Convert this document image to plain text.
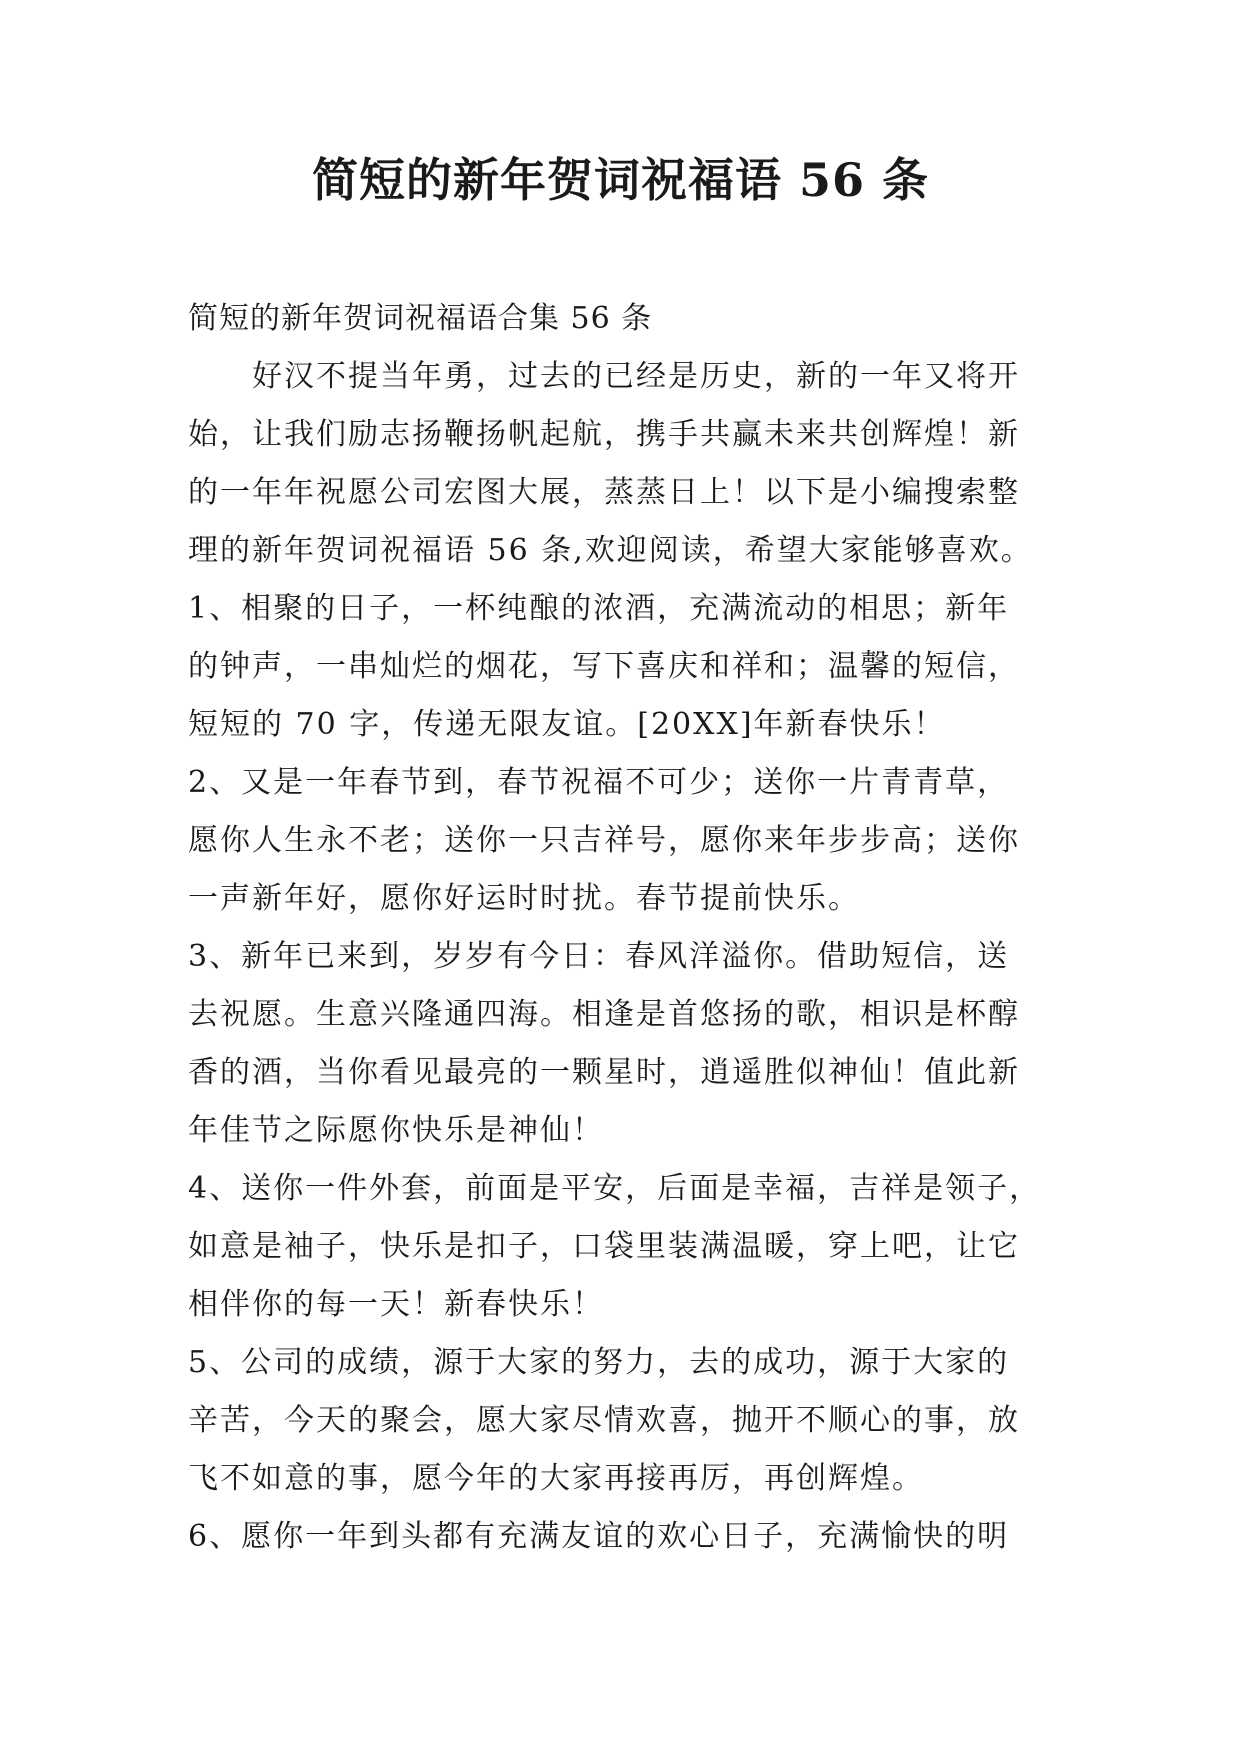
简短的新年贺词祝福语 56 条

简短的新年贺词祝福语合集 56 条

好汉不提当年勇，过去的已经是历史，新的一年又将开

始，让我们励志扬鞭扬帆起航，携手共赢未来共创辉煌！新

的一年年祝愿公司宏图大展，蒸蒸日上！以下是小编搜索整

理的新年贺词祝福语 56 条,欢迎阅读，希望大家能够喜欢。

1、相聚的日子，一杯纯酿的浓酒，充满流动的相思；新年

的钟声，一串灿烂的烟花，写下喜庆和祥和；温馨的短信，

短短的 70 字，传递无限友谊。[20XX]年新春快乐！

2、又是一年春节到，春节祝福不可少；送你一片青青草，

愿你人生永不老；送你一只吉祥号，愿你来年步步高；送你

一声新年好，愿你好运时时扰。春节提前快乐。

3、新年已来到，岁岁有今日：春风洋溢你。借助短信，送

去祝愿。生意兴隆通四海。相逢是首悠扬的歌，相识是杯醇

香的酒，当你看见最亮的一颗星时，逍遥胜似神仙！值此新

年佳节之际愿你快乐是神仙！

4、送你一件外套，前面是平安，后面是幸福，吉祥是领子，

如意是袖子，快乐是扣子，口袋里装满温暖，穿上吧，让它

相伴你的每一天！新春快乐！

5、公司的成绩，源于大家的努力，去的成功，源于大家的

辛苦，今天的聚会，愿大家尽情欢喜，抛开不顺心的事，放

飞不如意的事，愿今年的大家再接再厉，再创辉煌。

6、愿你一年到头都有充满友谊的欢心日子，充满愉快的明
